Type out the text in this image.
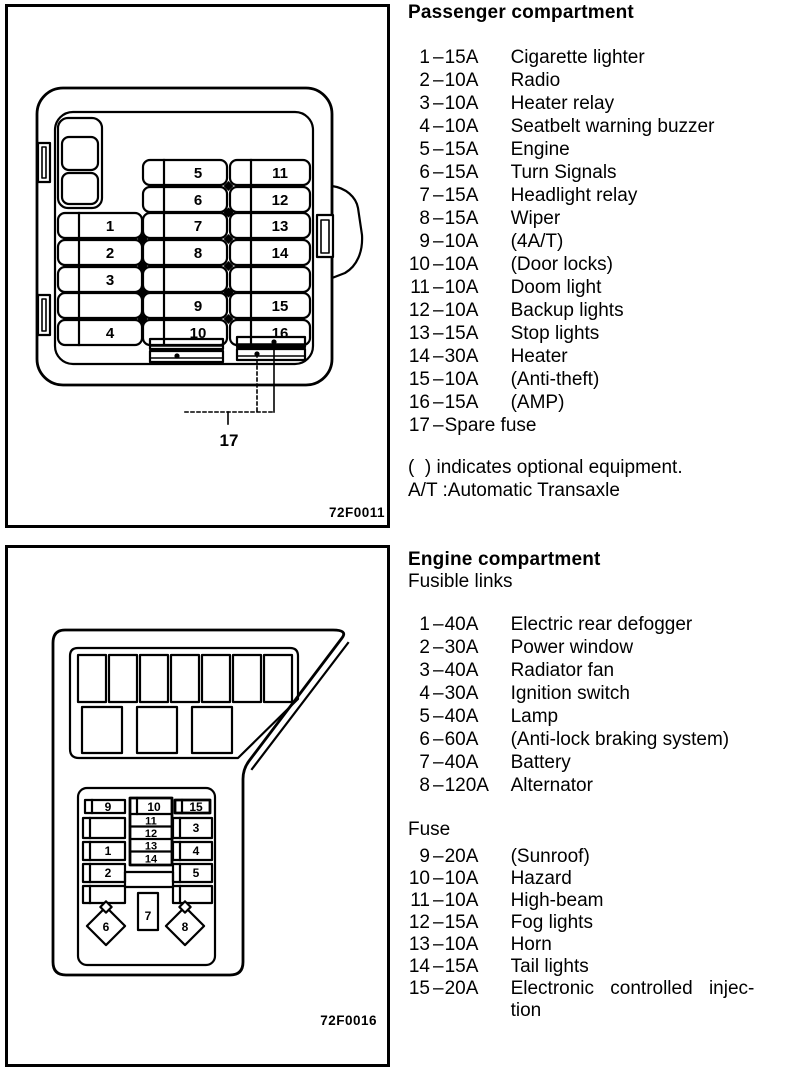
1
2
3
4
5
6
7
8
9
10
11
12
13
14
15
16
17
72F0011
9	10 15
11
12
13
14
1
2
3
4
5
6
7
8
72F0016
Passenger compartment
1 – 15A	Cigarette lighter
2 – 10A	Radio
3 – 10A	Heater relay
4 – 10A	Seatbelt warning buzzer
5 – 15A	Engine
6 – 15A	Turn Signals
7 – 15A	Headlight relay
8 – 15A	Wiper
9 – 10A	(4A/T)
10 – 10A	(Door locks)
11 – 10A	Doom light
12 – 10A	Backup lights
13 – 15A	Stop lights
14 – 30A	Heater
15 – 10A	(Anti-theft)
16 – 15A	(AMP)
17 – Spare fuse
(  ) indicates optional equipment.
A/T :Automatic Transaxle
Engine compartment
Fusible links
1 – 40A	Electric rear defogger
2 – 30A	Power window
3 – 40A	Radiator fan
4 – 30A	Ignition switch
5 – 40A	Lamp
6 – 60A	(Anti-lock braking system)
7 – 40A	Battery
8 – 120A	Alternator
Fuse
9 – 20A	(Sunroof)
10 – 10A	Hazard
11 – 10A	High-beam
12 – 15A	Fog lights
13 – 10A	Horn
14 – 15A	Tail lights
15 – 20A	Electronic controlled injec-
tion
